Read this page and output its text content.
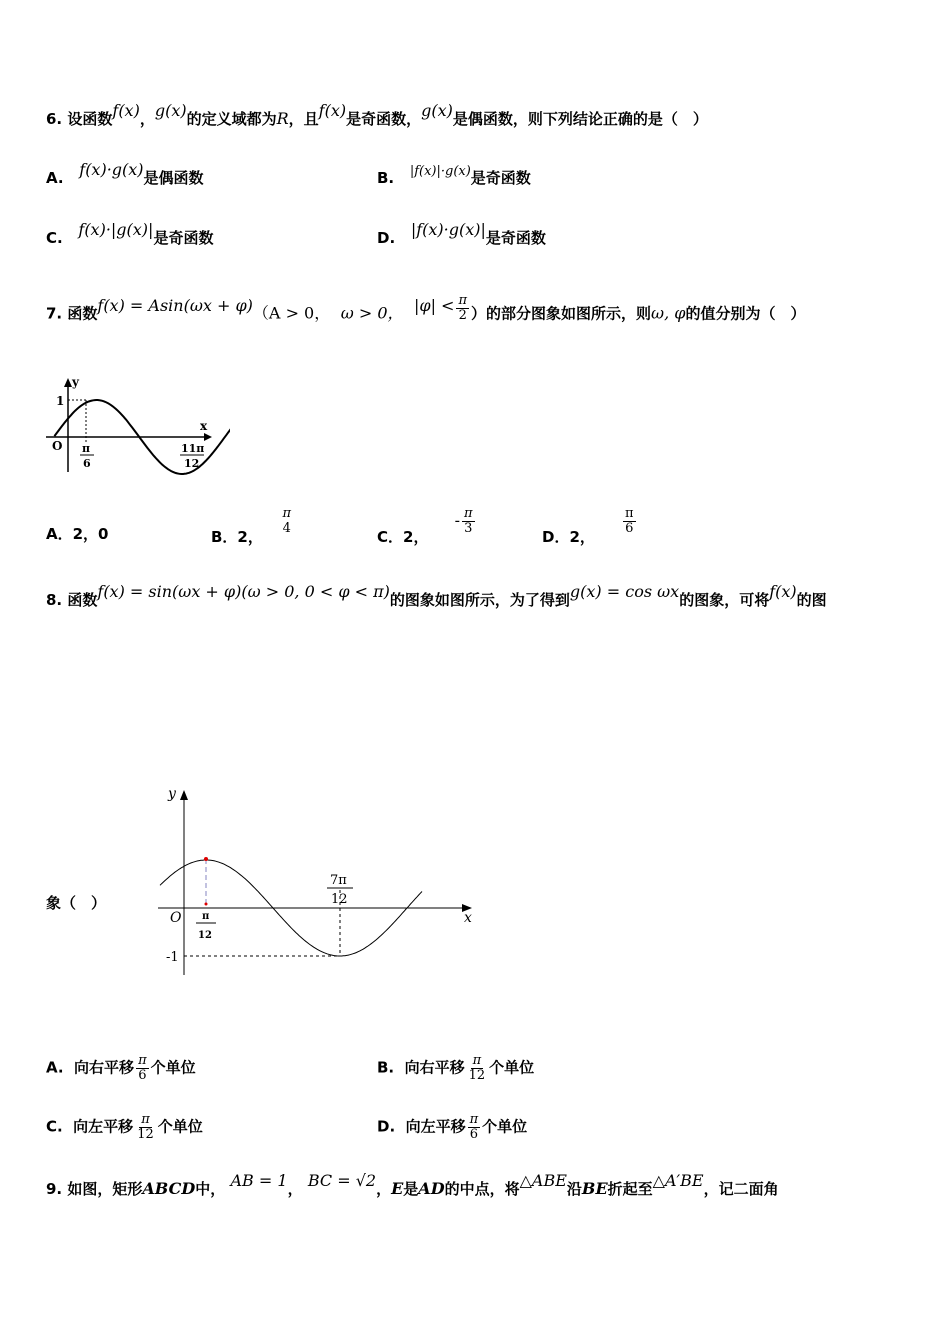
6. 设函数f(x)，g(x)的定义域都为R，且f(x)是奇函数，g(x)是偶函数，则下列结论正确的是（　）
A. f(x)·g(x)是偶函数	B. |f(x)|·g(x)是奇函数
C. f(x)·|g(x)|是奇函数	D. |f(x)·g(x)|是奇函数
7. 函数f(x) = Asin(ωx + φ)（A > 0， ω > 0， $|\varphi| < \frac{\pi}{2}$ ）的部分图象如图所示，则ω, φ的值分别为（　）
y
x
O
1
π
6
11π
12
A．2，0	B．2，
$\frac{\pi}{4}$
C．2，     - $\frac{\pi}{3}$
D．2，
$\frac{\pi}{6}$
8. 函数f(x) = sin(ωx + φ)(ω > 0, 0 < φ < π)的图象如图所示，为了得到g(x) = cos ωx的图象，可将f(x)的图
象（　）
y
x
O
-1
π
12
7π
12
A. 向右平移 $\frac{\pi}{6}$ 个单位	B. 向右平移 $\frac{\pi}{12}$ 个单位
C. 向左平移 $\frac{\pi}{12}$ 个单位	D. 向左平移 $\frac{\pi}{6}$ 个单位
9. 如图，矩形ABCD中， AB = 1， BC = √2，E是AD的中点，将△ABE沿BE折起至△A′BE，记二面角
